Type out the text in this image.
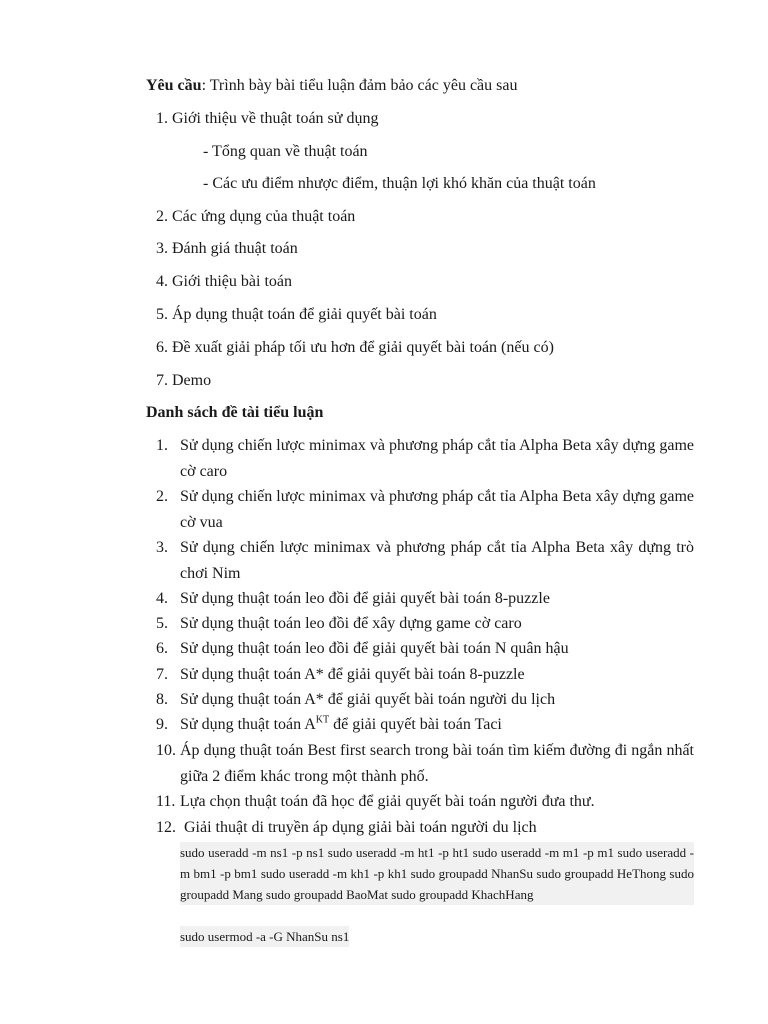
Yêu cầu: Trình bày bài tiểu luận đảm bảo các yêu cầu sau
1. Giới thiệu về thuật toán sử dụng
- Tổng quan về thuật toán
- Các ưu điểm nhược điểm, thuận lợi khó khăn của thuật toán
2. Các ứng dụng của thuật toán
3. Đánh giá thuật toán
4. Giới thiệu bài toán
5. Áp dụng thuật toán để giải quyết bài toán
6. Đề xuất giải pháp tối ưu hơn để giải quyết bài toán (nếu có)
7. Demo
Danh sách đề tài tiểu luận
1. Sử dụng chiến lược minimax và phương pháp cắt tỉa Alpha Beta xây dựng game cờ caro
2. Sử dụng chiến lược minimax và phương pháp cắt tỉa Alpha Beta xây dựng game cờ vua
3. Sử dụng chiến lược minimax và phương pháp cắt tỉa Alpha Beta xây dựng trò chơi Nim
4. Sử dụng thuật toán leo đồi để giải quyết bài toán 8-puzzle
5. Sử dụng thuật toán leo đồi để xây dựng game cờ caro
6. Sử dụng thuật toán leo đồi để giải quyết bài toán N quân hậu
7. Sử dụng thuật toán A* để giải quyết bài toán 8-puzzle
8. Sử dụng thuật toán A* để giải quyết bài toán người du lịch
9. Sử dụng thuật toán $A^{KT}$ để giải quyết bài toán Taci
10. Áp dụng thuật toán Best first search trong bài toán tìm kiếm đường đi ngắn nhất giữa 2 điểm khác trong một thành phố.
11. Lựa chọn thuật toán đã học để giải quyết bài toán người đưa thư.
12. Giải thuật di truyền áp dụng giải bài toán người du lịch
sudo useradd -m ns1 -p ns1 sudo useradd -m ht1 -p ht1 sudo useradd -m m1 -p m1 sudo useradd -m bm1 -p bm1 sudo useradd -m kh1 -p kh1 sudo groupadd NhanSu sudo groupadd HeThong sudo groupadd Mang sudo groupadd BaoMat sudo groupadd KhachHang
sudo usermod -a -G NhanSu ns1
